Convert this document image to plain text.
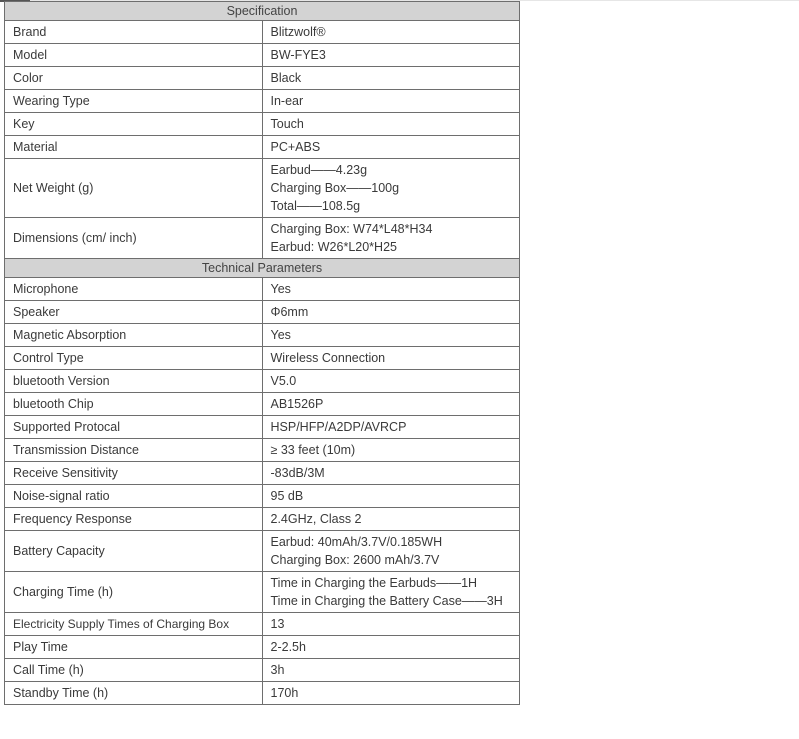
Specification	
Brand	Blitzwolf®

Model	BW-FYE3

Color	Black

Wearing Type	In-ear

Key	Touch

Material	PC+ABS

Net Weight (g)	Earbud——4.23g
Charging Box——100g
Total——108.5g

Dimensions (cm/ inch)	Charging Box: W74*L48*H34
Earbud: W26*L20*H25

Technical Parameters	
Microphone	Yes

Speaker	Φ6mm

Magnetic Absorption	Yes

Control Type	Wireless Connection

bluetooth Version	V5.0

bluetooth Chip	AB1526P

Supported Protocal	HSP/HFP/A2DP/AVRCP

Transmission Distance	≥ 33 feet (10m)

Receive Sensitivity	-83dB/3M

Noise-signal ratio	95 dB

Frequency Response	2.4GHz, Class 2

Battery Capacity	Earbud: 40mAh/3.7V/0.185WH
Charging Box: 2600 mAh/3.7V

Charging Time (h)	Time in Charging the Earbuds——1H
Time in Charging the Battery Case——3H

Electricity Supply Times of Charging Box	13

Play Time	2-2.5h

Call Time (h)	3h

Standby Time (h)	170h
